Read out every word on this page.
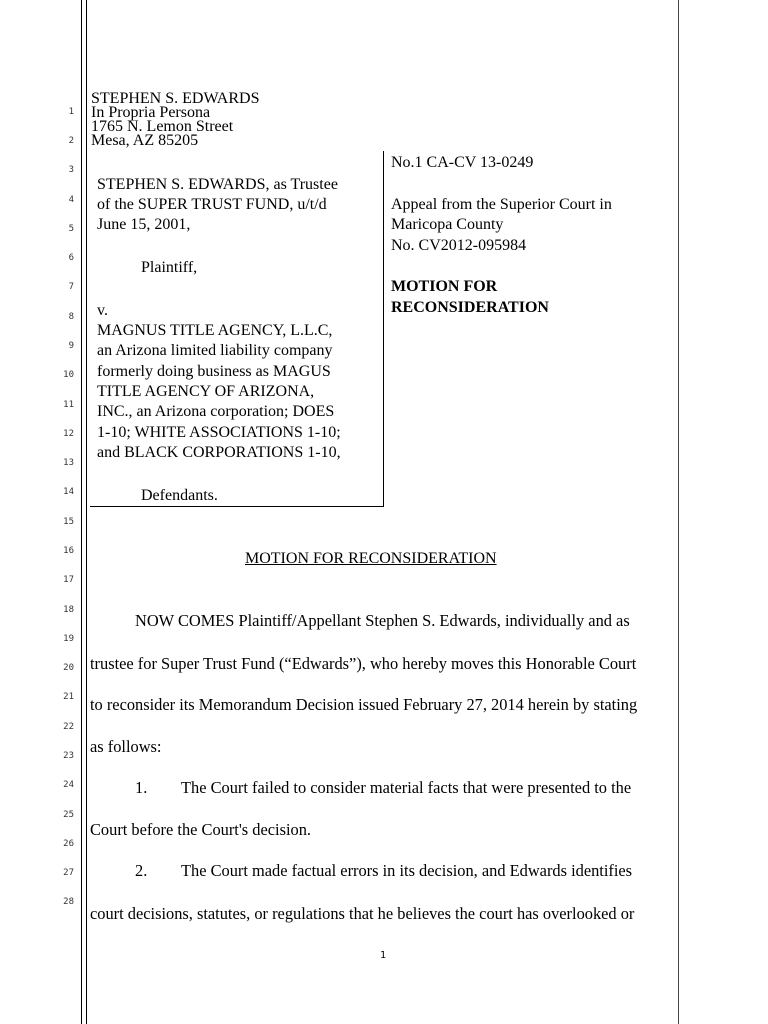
1
2
3
4
5
6
7
8
9
10
11
12
13
14
15
16
17
18
19
20
21
22
23
24
25
26
27
28
STEPHEN S. EDWARDS
In Propria Persona
1765 N. Lemon Street
Mesa, AZ 85205
STEPHEN S. EDWARDS, as Trustee
of the SUPER TRUST FUND, u/t/d
June 15, 2001,
Plaintiff,
v.
MAGNUS TITLE AGENCY, L.L.C,
an Arizona limited liability company
formerly doing business as MAGUS
TITLE AGENCY OF ARIZONA,
INC., an Arizona corporation; DOES
1-10; WHITE ASSOCIATIONS 1-10;
and BLACK CORPORATIONS 1-10,
Defendants.
No.1 CA-CV 13-0249
Appeal from the Superior Court in
Maricopa County
No. CV2012-095984
MOTION FOR
RECONSIDERATION
MOTION FOR RECONSIDERATION
NOW COMES Plaintiff/Appellant Stephen S. Edwards, individually and as
trustee for Super Trust Fund (“Edwards”), who hereby moves this Honorable Court
to reconsider its Memorandum Decision issued February 27, 2014 herein by stating
as follows:
1. The Court failed to consider material facts that were presented to the
Court before the Court's decision.
2. The Court made factual errors in its decision, and Edwards identifies
court decisions, statutes, or regulations that he believes the court has overlooked or
1
